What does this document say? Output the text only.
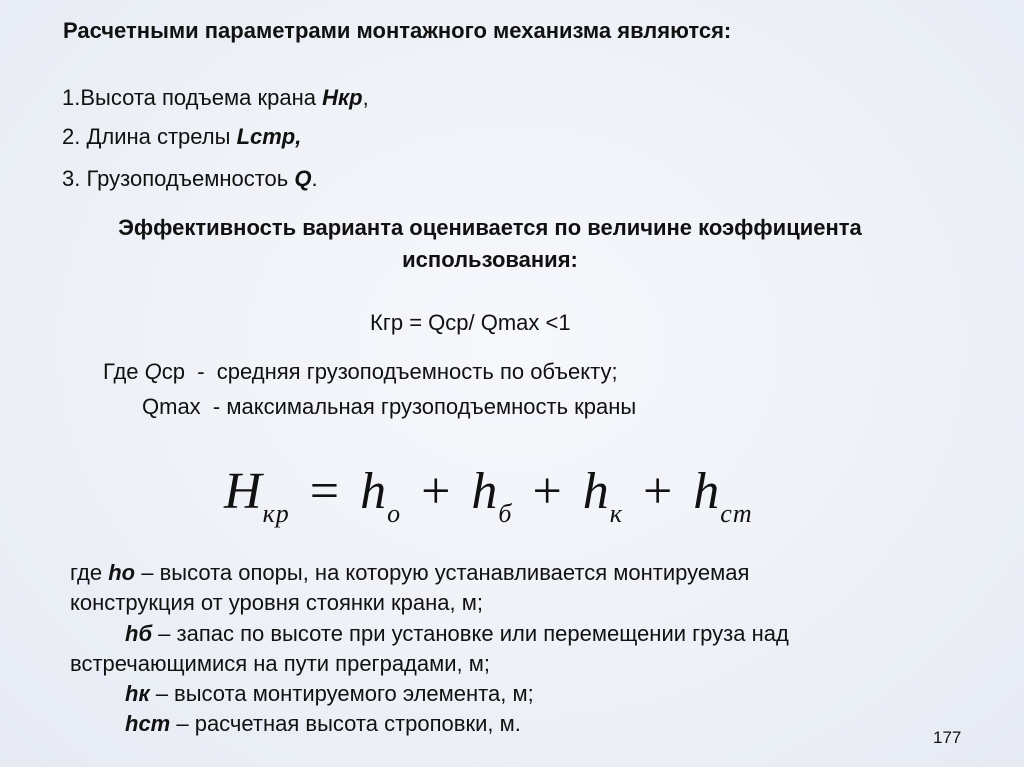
Расчетными параметрами монтажного механизма являются:
1.Высота подъема крана Hкр,
2. Длина стрелы Lстр,
3. Грузоподъемностоь Q.
Эффективность варианта оценивается по величине коэффициента использования:
Кгр = Qср/ Qmax <1
Где Qср  -  средняя грузоподъемность по объекту;
Qmax  - максимальная грузоподъемность краны
$H_{кр} = h_о + h_б + h_к + h_{ст}$
где hо – высота опоры, на которую устанавливается монтируемая
конструкция от уровня стоянки крана, м;
hб – запас по высоте при установке или перемещении груза над
встречающимися на пути преградами, м;
hк – высота монтируемого элемента, м;
hст – расчетная высота строповки, м.
177
